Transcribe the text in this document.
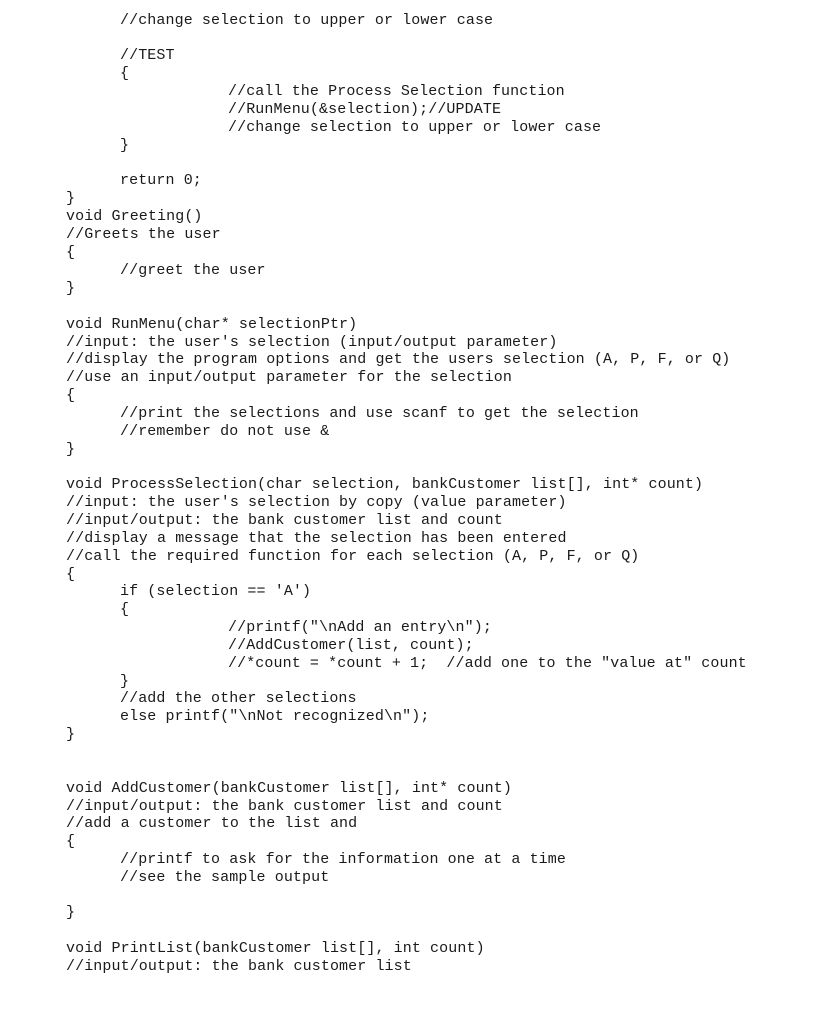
//change selection to upper or lower case
//TEST
{
//call the Process Selection function
//RunMenu(&selection);//UPDATE
//change selection to upper or lower case
}
return 0;
}
void Greeting()
//Greets the user
{
//greet the user
}
void RunMenu(char* selectionPtr)
//input: the user's selection (input/output parameter)
//display the program options and get the users selection (A, P, F, or Q)
//use an input/output parameter for the selection
{
//print the selections and use scanf to get the selection
//remember do not use &
}
void ProcessSelection(char selection, bankCustomer list[], int* count)
//input: the user's selection by copy (value parameter)
//input/output: the bank customer list and count
//display a message that the selection has been entered
//call the required function for each selection (A, P, F, or Q)
{
if (selection == 'A')
{
//printf("\nAdd an entry\n");
//AddCustomer(list, count);
//*count = *count + 1;  //add one to the "value at" count
}
//add the other selections
else printf("\nNot recognized\n");
}
void AddCustomer(bankCustomer list[], int* count)
//input/output: the bank customer list and count
//add a customer to the list and
{
//printf to ask for the information one at a time
//see the sample output
}
void PrintList(bankCustomer list[], int count)
//input/output: the bank customer list
